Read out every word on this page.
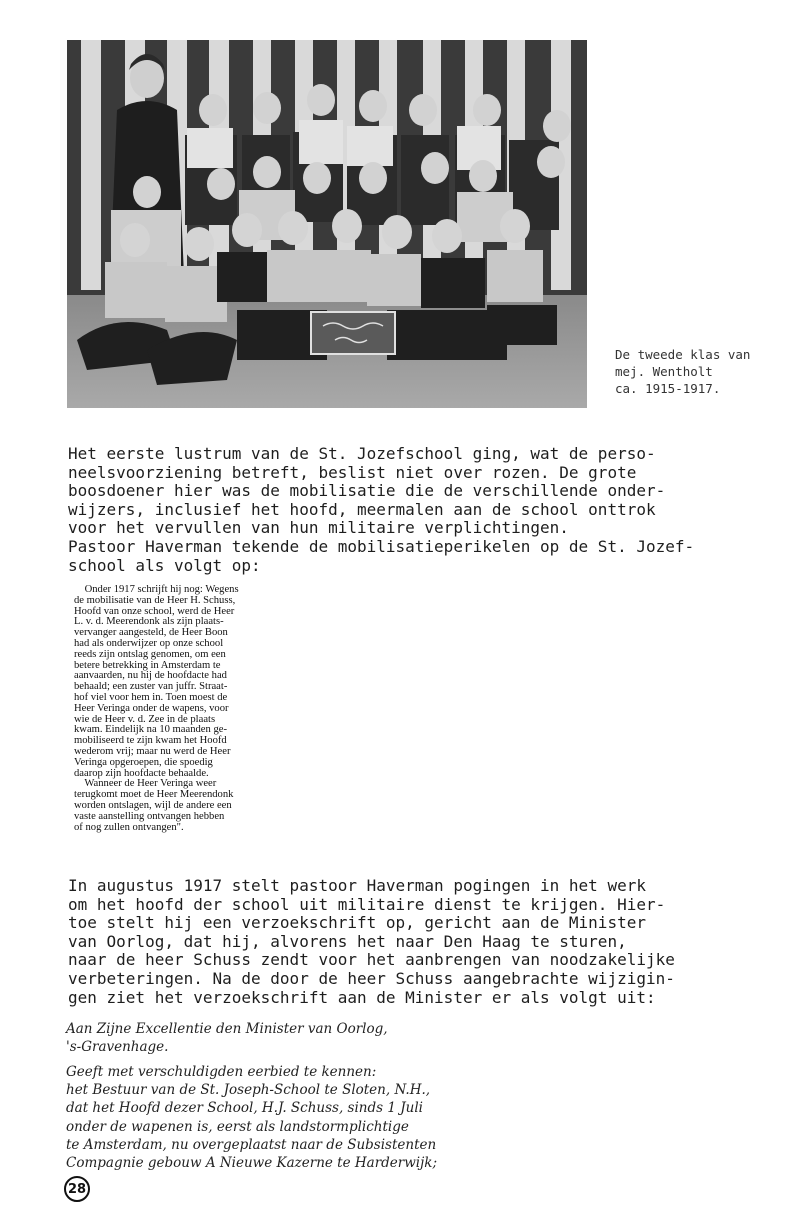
De tweede klas van
mej. Wentholt
ca. 1915-1917.
Het eerste lustrum van de St. Jozefschool ging, wat de perso-
neelsvoorziening betreft, beslist niet over rozen. De grote
boosdoener hier was de mobilisatie die de verschillende onder-
wijzers, inclusief het hoofd, meermalen aan de school onttrok
voor het vervullen van hun militaire verplichtingen.
Pastoor Haverman tekende de mobilisatieperikelen op de St. Jozef-
school als volgt op:
Onder 1917 schrijft hij nog: Wegens
de mobilisatie van de Heer H. Schuss,
Hoofd van onze school, werd de Heer
L. v. d. Meerendonk als zijn plaats-
vervanger aangesteld, de Heer Boon
had als onderwijzer op onze school
reeds zijn ontslag genomen, om een
betere betrekking in Amsterdam te
aanvaarden, nu hij de hoofdacte had
behaald; een zuster van juffr. Straat-
hof viel voor hem in. Toen moest de
Heer Veringa onder de wapens, voor
wie de Heer v. d. Zee in de plaats
kwam. Eindelijk na 10 maanden ge-
mobiliseerd te zijn kwam het Hoofd
wederom vrij; maar nu werd de Heer
Veringa opgeroepen, die spoedig
daarop zijn hoofdacte behaalde.
Wanneer de Heer Veringa weer
terugkomt moet de Heer Meerendonk
worden ontslagen, wijl de andere een
vaste aanstelling ontvangen hebben
of nog zullen ontvangen".
In augustus 1917 stelt pastoor Haverman pogingen in het werk
om het hoofd der school uit militaire dienst te krijgen. Hier-
toe stelt hij een verzoekschrift op, gericht aan de Minister
van Oorlog, dat hij, alvorens het naar Den Haag te sturen,
naar de heer Schuss zendt voor het aanbrengen van noodzakelijke
verbeteringen. Na de door de heer Schuss aangebrachte wijzigin-
gen ziet het verzoekschrift aan de Minister er als volgt uit:
Aan Zijne Excellentie den Minister van Oorlog,
's-Gravenhage.
Geeft met verschuldigden eerbied te kennen:
het Bestuur van de St. Joseph-School te Sloten, N.H.,
dat het Hoofd dezer School, H.J. Schuss, sinds 1 Juli
onder de wapenen is, eerst als landstormplichtige
te Amsterdam, nu overgeplaatst naar de Subsistenten
Compagnie gebouw A Nieuwe Kazerne te Harderwijk;
28
